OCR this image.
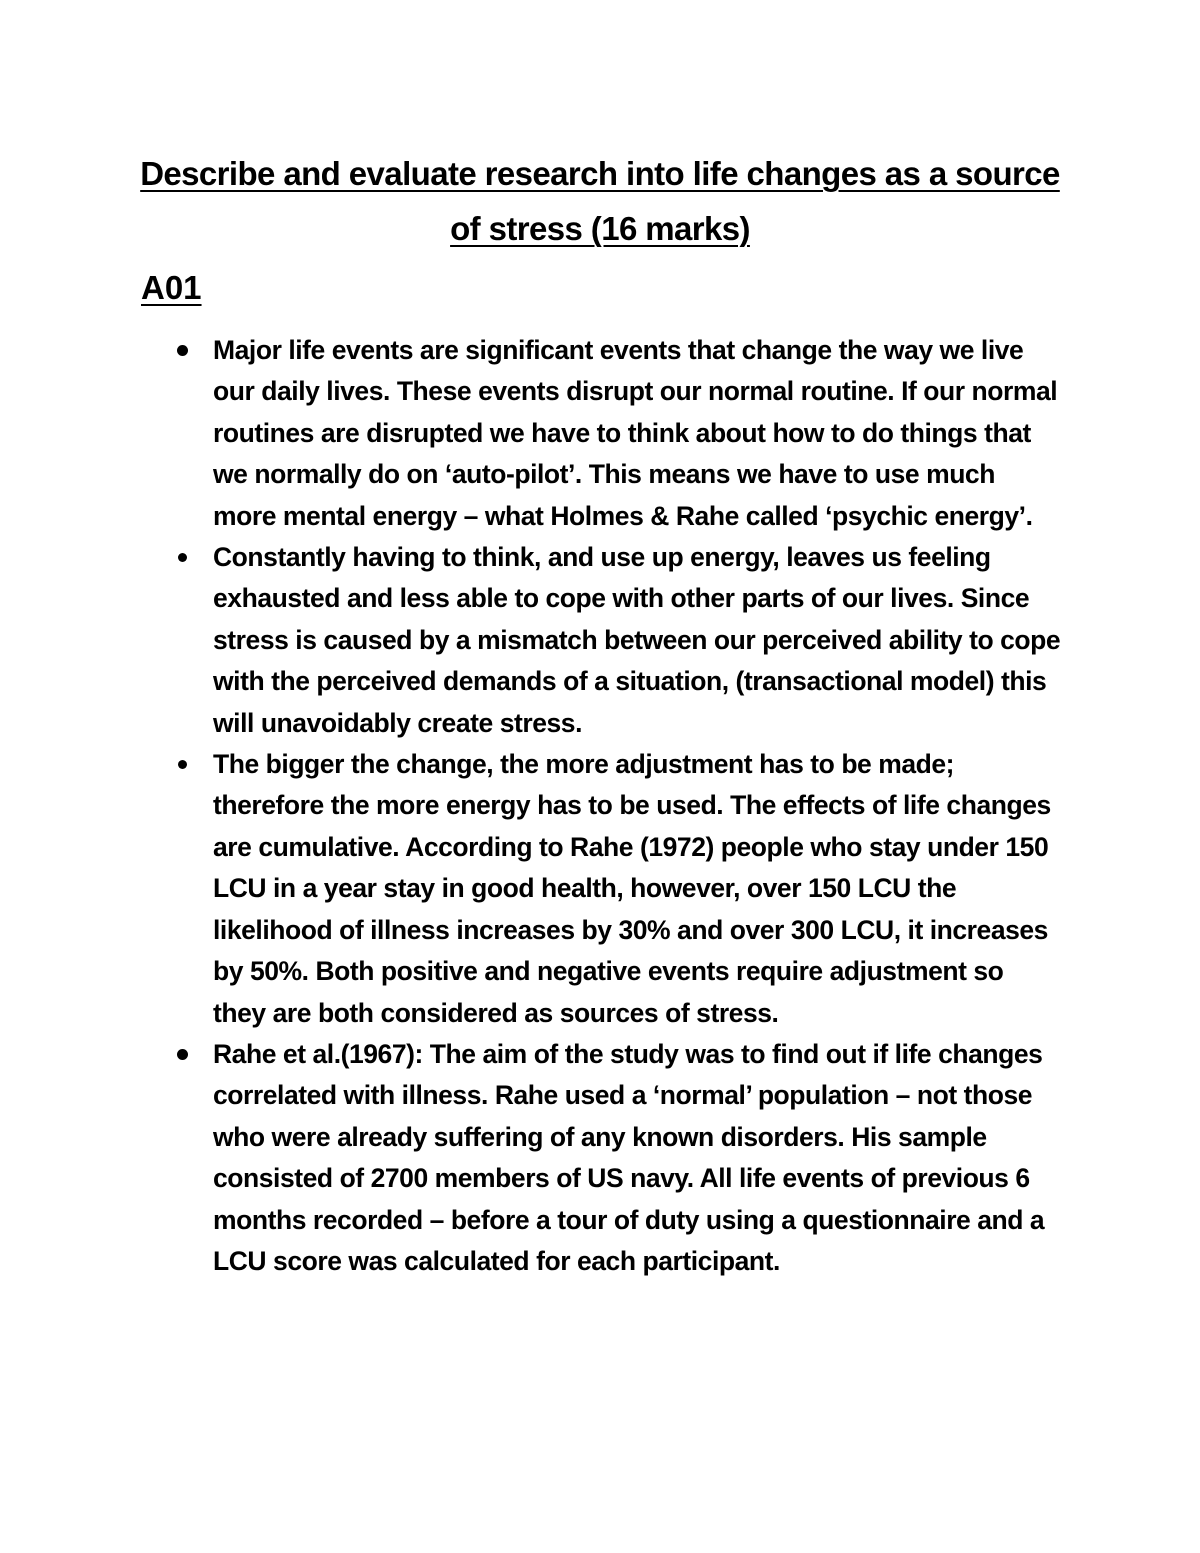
Describe and evaluate research into life changes as a source of stress (16 marks)
A01
Major life events are significant events that change the way we live our daily lives. These events disrupt our normal routine. If our normal routines are disrupted we have to think about how to do things that we normally do on ‘auto-pilot’. This means we have to use much more mental energy – what Holmes & Rahe called ‘psychic energy’.
Constantly having to think, and use up energy, leaves us feeling exhausted and less able to cope with other parts of our lives. Since stress is caused by a mismatch between our perceived ability to cope with the perceived demands of a situation, (transactional model) this will unavoidably create stress.
The bigger the change, the more adjustment has to be made; therefore the more energy has to be used. The effects of life changes are cumulative. According to Rahe (1972) people who stay under 150 LCU in a year stay in good health, however, over 150 LCU the likelihood of illness increases by 30% and over 300 LCU, it increases by 50%. Both positive and negative events require adjustment so they are both considered as sources of stress.
Rahe et al.(1967): The aim of the study was to find out if life changes correlated with illness. Rahe used a ‘normal’ population – not those who were already suffering of any known disorders. His sample consisted of 2700 members of US navy. All life events of previous 6 months recorded – before a tour of duty using a questionnaire and a LCU score was calculated for each participant.
